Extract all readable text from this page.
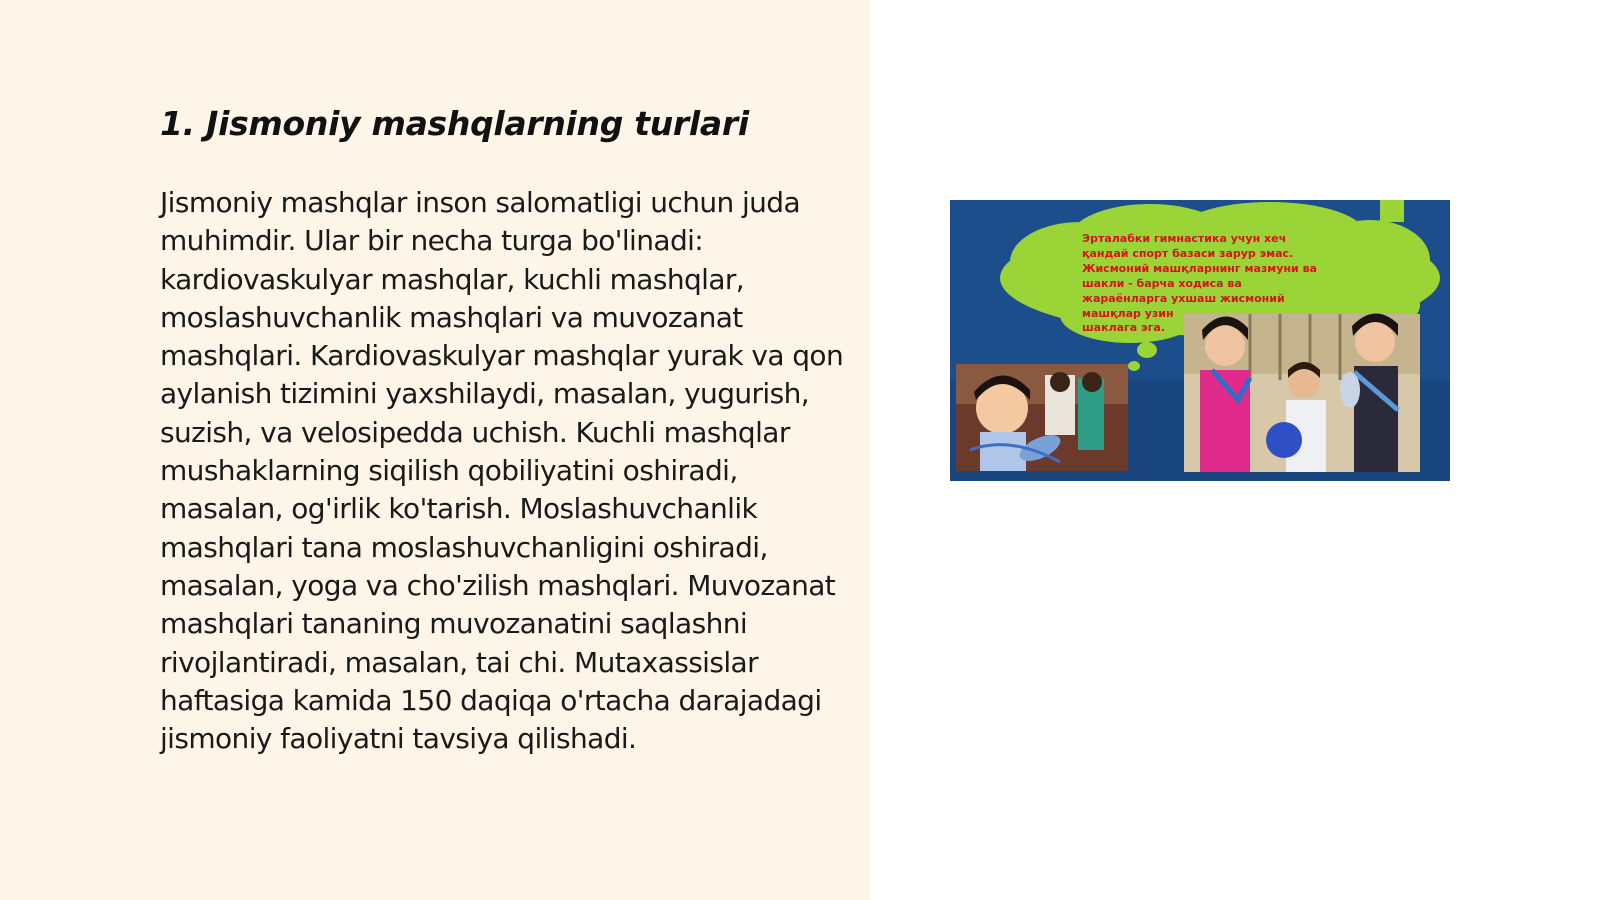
1. Jismoniy mashqlarning turlari

Jismoniy mashqlar inson salomatligi uchun juda muhimdir. Ular bir necha turga bo'linadi: kardiovaskulyar mashqlar, kuchli mashqlar, moslashuvchanlik mashqlari va muvozanat mashqlari. Kardiovaskulyar mashqlar yurak va qon aylanish tizimini yaxshilaydi, masalan, yugurish, suzish, va velosipedda uchish. Kuchli mashqlar mushaklarning siqilish qobiliyatini oshiradi, masalan, og'irlik ko'tarish. Moslashuvchanlik mashqlari tana moslashuvchanligini oshiradi, masalan, yoga va cho'zilish mashqlari. Muvozanat mashqlari tananing muvozanatini saqlashni rivojlantiradi, masalan, tai chi. Mutaxassislar haftasiga kamida 150 daqiqa o'rtacha darajadagi jismoniy faoliyatni tavsiya qilishadi.

Эрталабки гимнастика учун хеч
қандай спорт базаси зарур эмас.
Жисмоний машқларнинг мазмуни ва
шакли - барча ходиса ва
жараёнларга ухшаш жисмоний
машқлар узин
шаклага эга.
